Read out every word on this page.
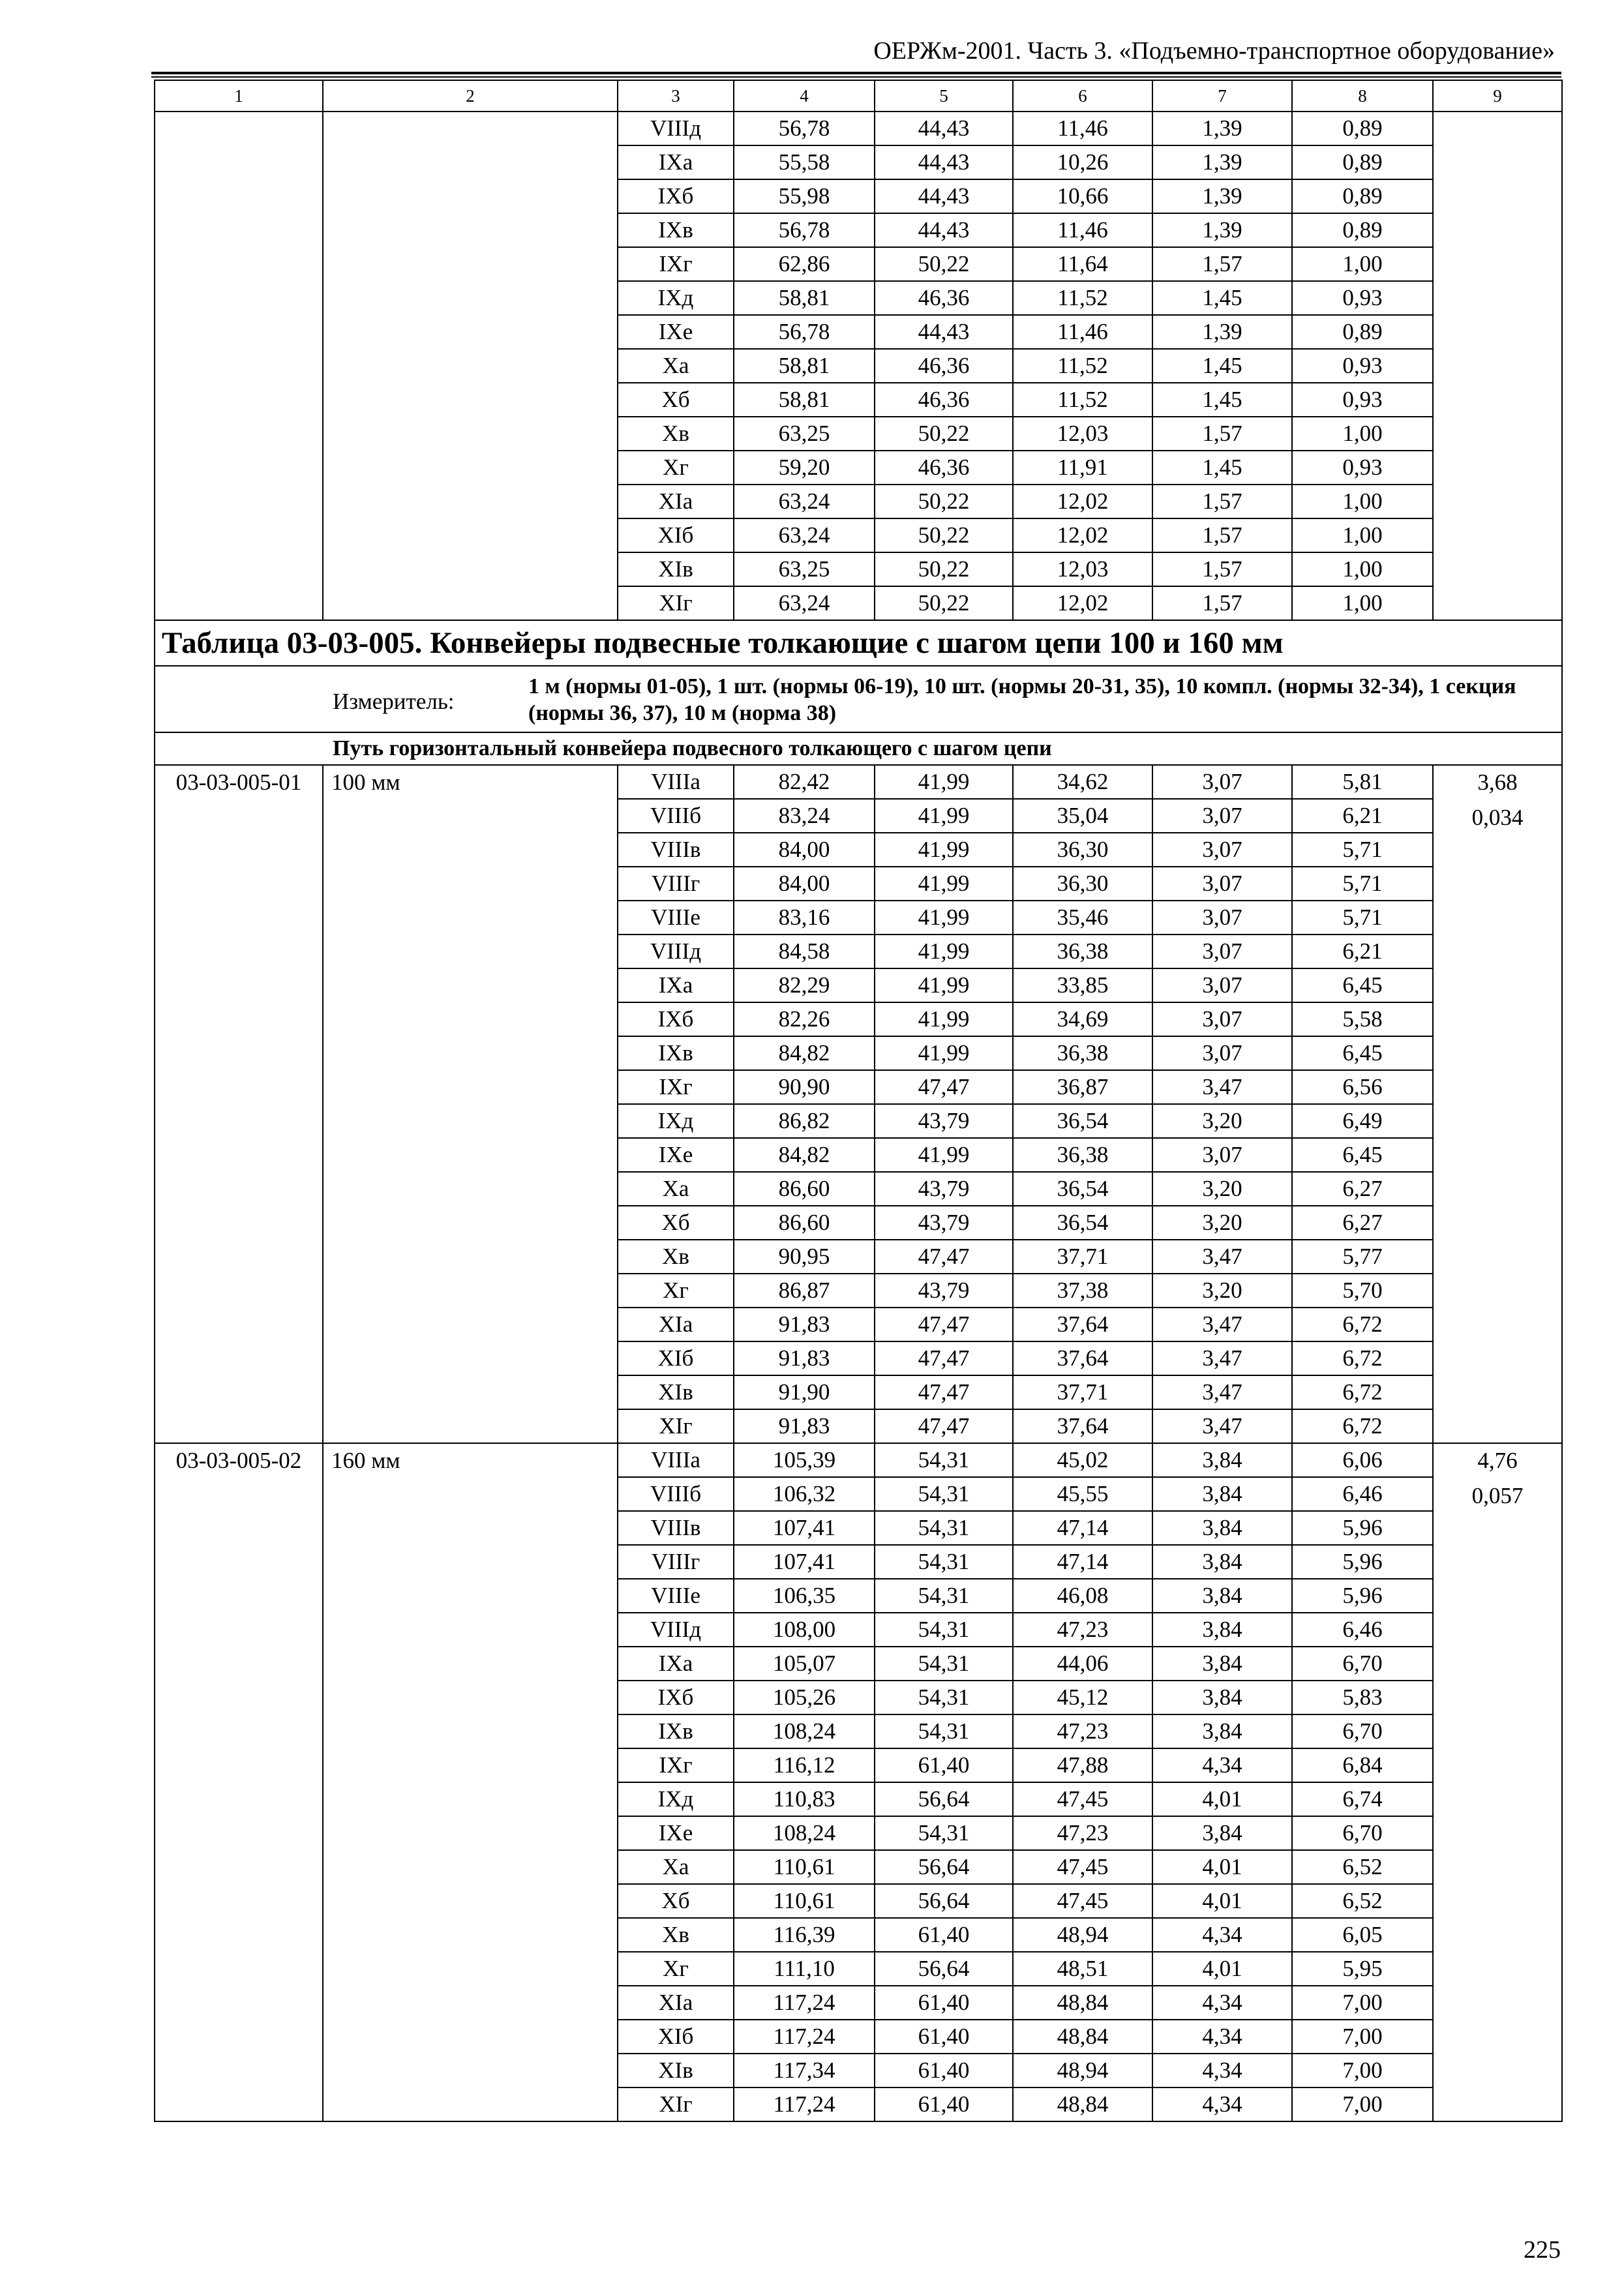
ОЕРЖм-2001. Часть 3. «Подъемно-транспортное оборудование»
1	2	3	4	5	6	7	8	9
		VIIIд	56,78	44,43	11,46	1,39	0,89	
		IXa	55,58	44,43	10,26	1,39	0,89	
		IXб	55,98	44,43	10,66	1,39	0,89	
		IXв	56,78	44,43	11,46	1,39	0,89	
		IXг	62,86	50,22	11,64	1,57	1,00	
		IXд	58,81	46,36	11,52	1,45	0,93	
		IXе	56,78	44,43	11,46	1,39	0,89	
		Xa	58,81	46,36	11,52	1,45	0,93	
		Xб	58,81	46,36	11,52	1,45	0,93	
		Xв	63,25	50,22	12,03	1,57	1,00	
		Xг	59,20	46,36	11,91	1,45	0,93	
		XIa	63,24	50,22	12,02	1,57	1,00	
		XIб	63,24	50,22	12,02	1,57	1,00	
		XIв	63,25	50,22	12,03	1,57	1,00	
		XIг	63,24	50,22	12,02	1,57	1,00	
Таблица 03-03-005. Конвейеры подвесные толкающие с шагом цепи 100 и 160 мм								

Измеритель:
1 м (нормы 01-05), 1 шт. (нормы 06-19), 10 шт. (нормы 20-31, 35), 10 компл. (нормы 32-34), 1 секция (нормы 36, 37), 10 м (норма 38)								

Путь горизонтальный конвейера подвесного толкающего с шагом цепи								
03-03-005-01	100 мм	VIIIa	82,42	41,99	34,62	3,07	5,81	3,68
0,034

		VIIIб	83,24	41,99	35,04	3,07	6,21	
		VIIIв	84,00	41,99	36,30	3,07	5,71	
		VIIIг	84,00	41,99	36,30	3,07	5,71	
		VIIIе	83,16	41,99	35,46	3,07	5,71	
		VIIIд	84,58	41,99	36,38	3,07	6,21	
		IXa	82,29	41,99	33,85	3,07	6,45	
		IXб	82,26	41,99	34,69	3,07	5,58	
		IXв	84,82	41,99	36,38	3,07	6,45	
		IXг	90,90	47,47	36,87	3,47	6,56	
		IXд	86,82	43,79	36,54	3,20	6,49	
		IXе	84,82	41,99	36,38	3,07	6,45	
		Xa	86,60	43,79	36,54	3,20	6,27	
		Xб	86,60	43,79	36,54	3,20	6,27	
		Xв	90,95	47,47	37,71	3,47	5,77	
		Xг	86,87	43,79	37,38	3,20	5,70	
		XIa	91,83	47,47	37,64	3,47	6,72	
		XIб	91,83	47,47	37,64	3,47	6,72	
		XIв	91,90	47,47	37,71	3,47	6,72	
		XIг	91,83	47,47	37,64	3,47	6,72	
03-03-005-02	160 мм	VIIIa	105,39	54,31	45,02	3,84	6,06	4,76
0,057

		VIIIб	106,32	54,31	45,55	3,84	6,46	
		VIIIв	107,41	54,31	47,14	3,84	5,96	
		VIIIг	107,41	54,31	47,14	3,84	5,96	
		VIIIе	106,35	54,31	46,08	3,84	5,96	
		VIIIд	108,00	54,31	47,23	3,84	6,46	
		IXa	105,07	54,31	44,06	3,84	6,70	
		IXб	105,26	54,31	45,12	3,84	5,83	
		IXв	108,24	54,31	47,23	3,84	6,70	
		IXг	116,12	61,40	47,88	4,34	6,84	
		IXд	110,83	56,64	47,45	4,01	6,74	
		IXе	108,24	54,31	47,23	3,84	6,70	
		Xa	110,61	56,64	47,45	4,01	6,52	
		Xб	110,61	56,64	47,45	4,01	6,52	
		Xв	116,39	61,40	48,94	4,34	6,05	
		Xг	111,10	56,64	48,51	4,01	5,95	
		XIa	117,24	61,40	48,84	4,34	7,00	
		XIб	117,24	61,40	48,84	4,34	7,00	
		XIв	117,34	61,40	48,94	4,34	7,00	
		XIг	117,24	61,40	48,84	4,34	7,00	
225
